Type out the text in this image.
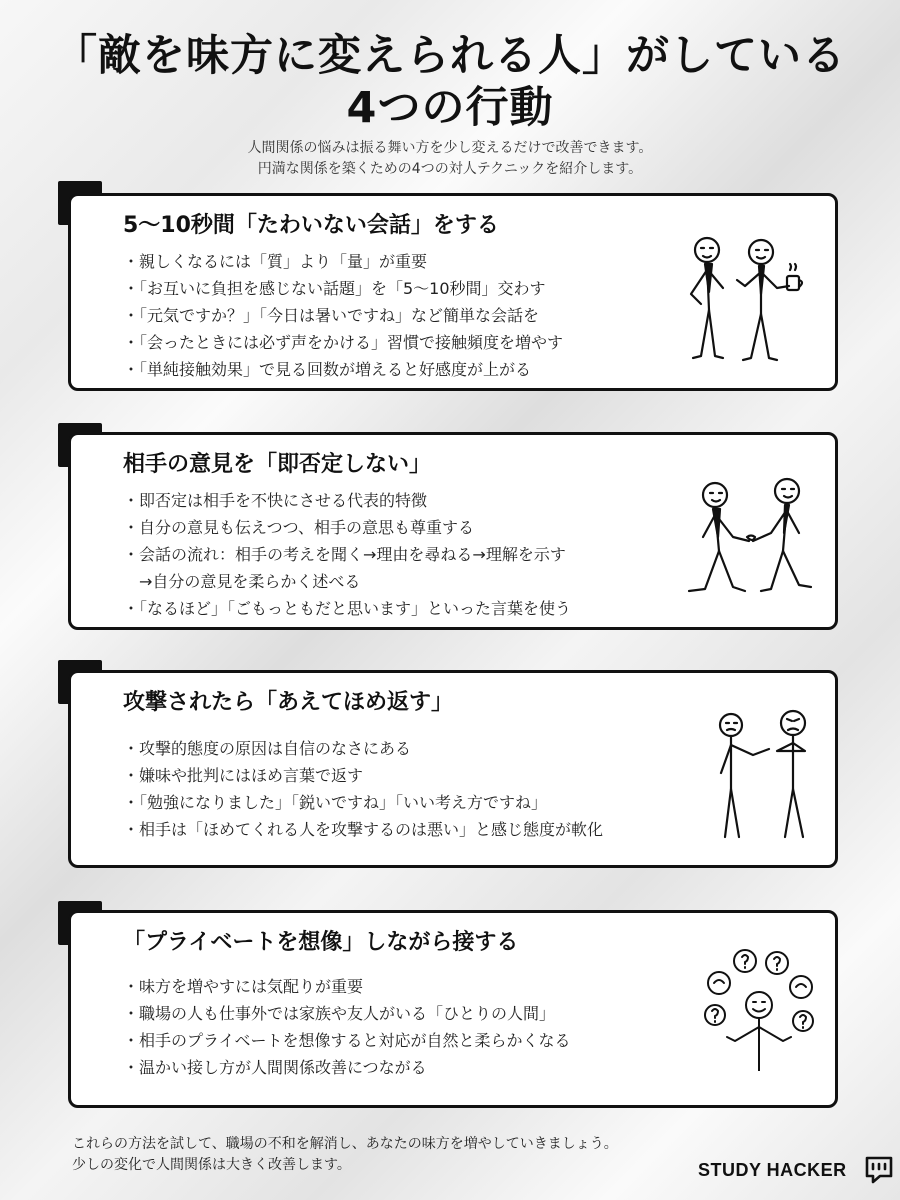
「敵を味方に変えられる人」がしている
4つの行動
人間関係の悩みは振る舞い方を少し変えるだけで改善できます。
円満な関係を築くための4つの対人テクニックを紹介します。
5〜10秒間「たわいない会話」をする
・親しくなるには「質」より「量」が重要
・「お互いに負担を感じない話題」を「5〜10秒間」交わす
・「元気ですか？」「今日は暑いですね」など簡単な会話を
・「会ったときには必ず声をかける」習慣で接触頻度を増やす
・「単純接触効果」で見る回数が増えると好感度が上がる
相手の意見を「即否定しない」
・即否定は相手を不快にさせる代表的特徴
・自分の意見も伝えつつ、相手の意思も尊重する
・会話の流れ：相手の考えを聞く→理由を尋ねる→理解を示す
→自分の意見を柔らかく述べる
・「なるほど」「ごもっともだと思います」といった言葉を使う
攻撃されたら「あえてほめ返す」
・攻撃的態度の原因は自信のなさにある
・嫌味や批判にはほめ言葉で返す
・「勉強になりました」「鋭いですね」「いい考え方ですね」
・相手は「ほめてくれる人を攻撃するのは悪い」と感じ態度が軟化
「プライベートを想像」しながら接する
・味方を増やすには気配りが重要
・職場の人も仕事外では家族や友人がいる「ひとりの人間」
・相手のプライベートを想像すると対応が自然と柔らかくなる
・温かい接し方が人間関係改善につながる
これらの方法を試して、職場の不和を解消し、あなたの味方を増やしていきましょう。
少しの変化で人間関係は大きく改善します。	STUDY HACKER
